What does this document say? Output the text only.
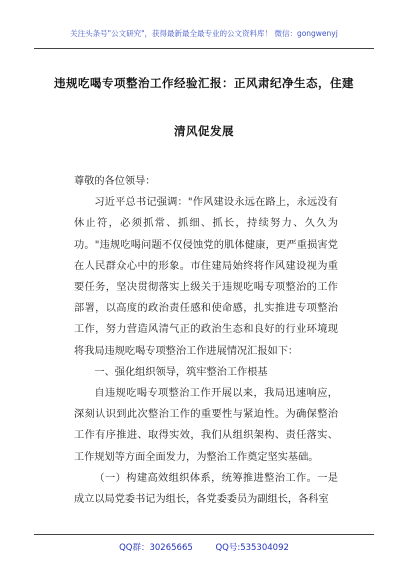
关注头条号"公文研究"，获得最新最全最专业的公文资料库！ 微信：gongwenyj
违规吃喝专项整治工作经验汇报：正风肃纪净生态，住建
清风促发展

尊敬的各位领导：

习近平总书记强调："作风建设永远在路上，永远没有休止符，必须抓常、抓细、抓长，持续努力、久久为功。"违规吃喝问题不仅侵蚀党的肌体健康，更严重损害党在人民群众心中的形象。市住建局始终将作风建设视为重要任务，坚决贯彻落实上级关于违规吃喝专项整治的工作部署，以高度的政治责任感和使命感，扎实推进专项整治工作，努力营造风清气正的政治生态和良好的行业环境现将我局违规吃喝专项整治工作进展情况汇报如下：

一、强化组织领导，筑牢整治工作根基

自违规吃喝专项整治工作开展以来，我局迅速响应，深刻认识到此次整治工作的重要性与紧迫性。为确保整治工作有序推进、取得实效，我们从组织架构、责任落实、工作规划等方面全面发力，为整治工作奠定坚实基础。

（一）构建高效组织体系，统筹推进整治工作。一是成立以局党委书记为组长，各党委委员为副组长，各科室

QQ群：30265665	QQ号:535304092
